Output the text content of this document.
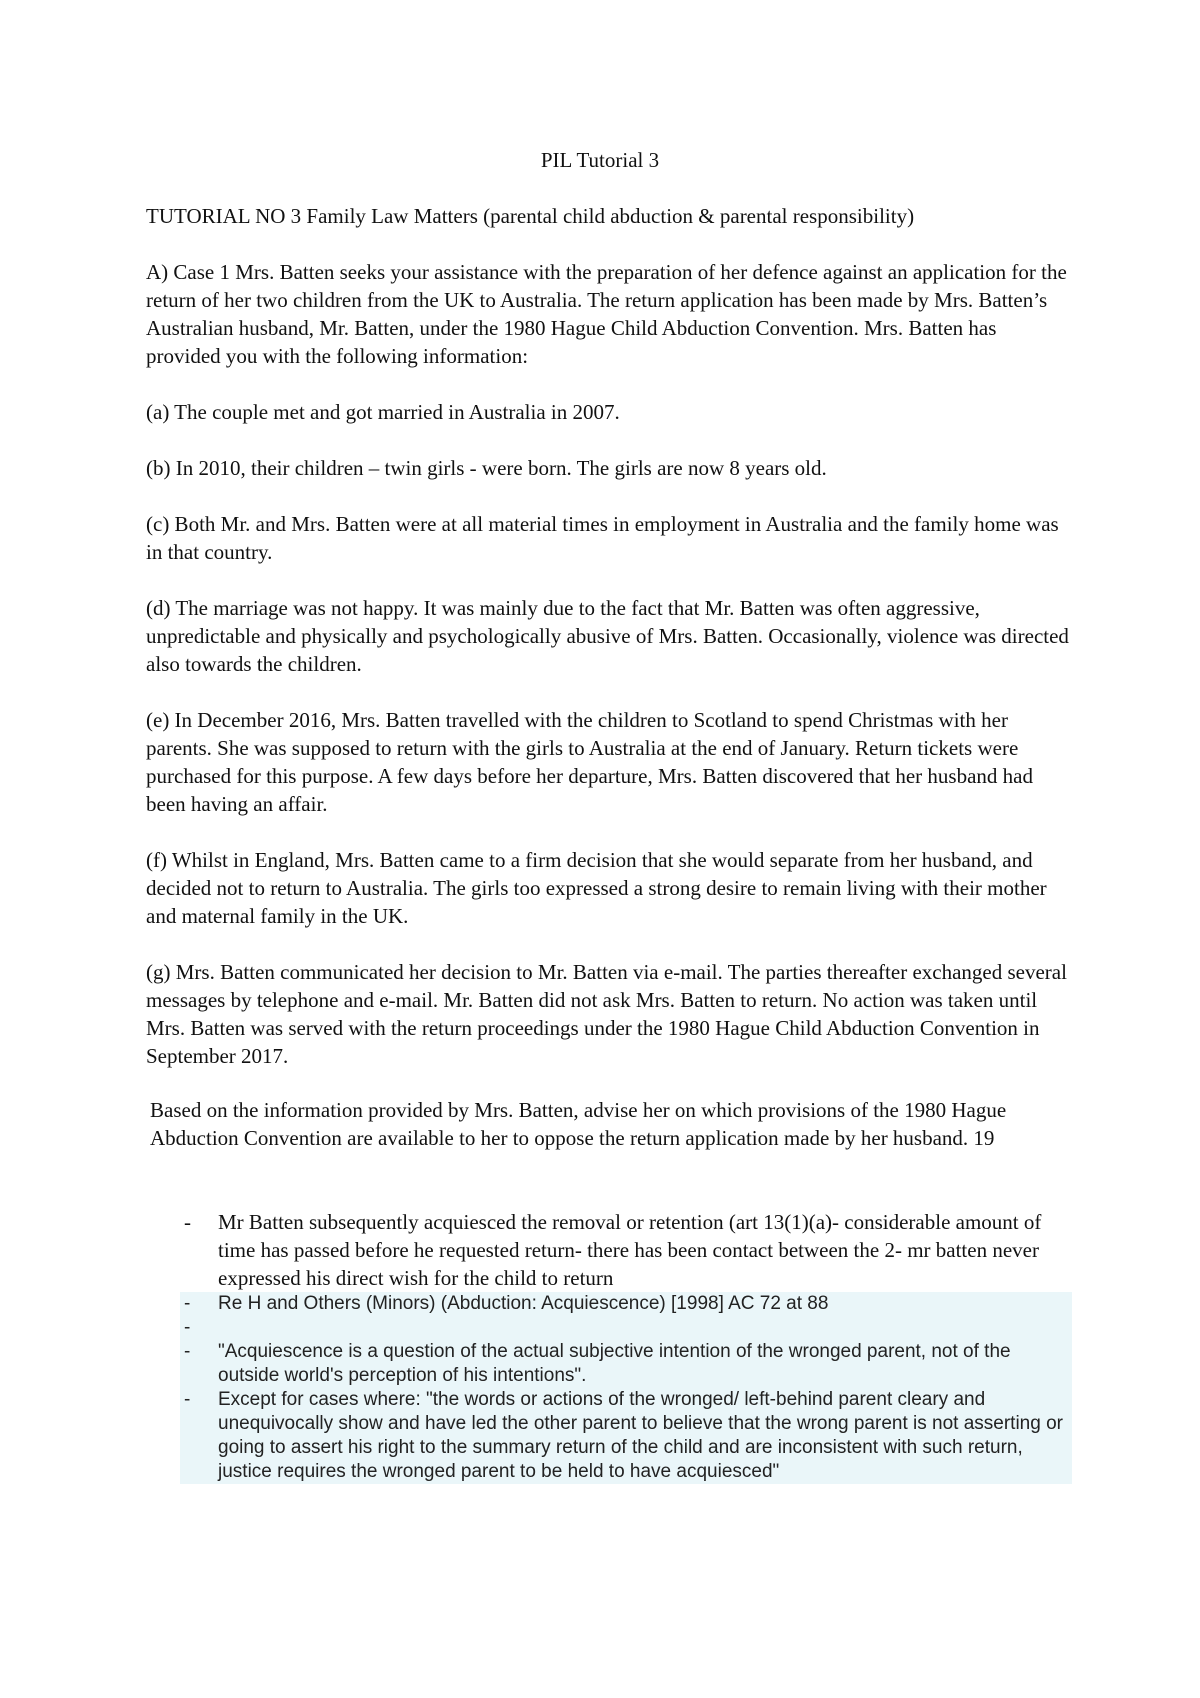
PIL Tutorial 3

TUTORIAL NO 3 Family Law Matters (parental child abduction & parental responsibility)

A) Case 1 Mrs. Batten seeks your assistance with the preparation of her defence against an application for the return of her two children from the UK to Australia. The return application has been made by Mrs. Batten’s Australian husband, Mr. Batten, under the 1980 Hague Child Abduction Convention. Mrs. Batten has provided you with the following information:

(a) The couple met and got married in Australia in 2007.

(b) In 2010, their children – twin girls - were born. The girls are now 8 years old.

(c) Both Mr. and Mrs. Batten were at all material times in employment in Australia and the family home was in that country.

(d) The marriage was not happy. It was mainly due to the fact that Mr. Batten was often aggressive, unpredictable and physically and psychologically abusive of Mrs. Batten. Occasionally, violence was directed also towards the children.

(e) In December 2016, Mrs. Batten travelled with the children to Scotland to spend Christmas with her parents. She was supposed to return with the girls to Australia at the end of January. Return tickets were purchased for this purpose. A few days before her departure, Mrs. Batten discovered that her husband had been having an affair.

(f) Whilst in England, Mrs. Batten came to a firm decision that she would separate from her husband, and decided not to return to Australia. The girls too expressed a strong desire to remain living with their mother and maternal family in the UK.

(g) Mrs. Batten communicated her decision to Mr. Batten via e-mail. The parties thereafter exchanged several messages by telephone and e-mail. Mr. Batten did not ask Mrs. Batten to return. No action was taken until Mrs. Batten was served with the return proceedings under the 1980 Hague Child Abduction Convention in September 2017.

Based on the information provided by Mrs. Batten, advise her on which provisions of the 1980 Hague Abduction Convention are available to her to oppose the return application made by her husband. 19

- Mr Batten subsequently acquiesced the removal or retention (art 13(1)(a)- considerable amount of time has passed before he requested return- there has been contact between the 2- mr batten never expressed his direct wish for the child to return
- Re H and Others (Minors) (Abduction: Acquiescence) [1998] AC 72 at 88
-
- "Acquiescence is a question of the actual subjective intention of the wronged parent, not of the outside world's perception of his intentions".
- Except for cases where: "the words or actions of the wronged/ left-behind parent cleary and unequivocally show and have led the other parent to believe that the wrong parent is not asserting or going to assert his right to the summary return of the child and are inconsistent with such return, justice requires the wronged parent to be held to have acquiesced"
